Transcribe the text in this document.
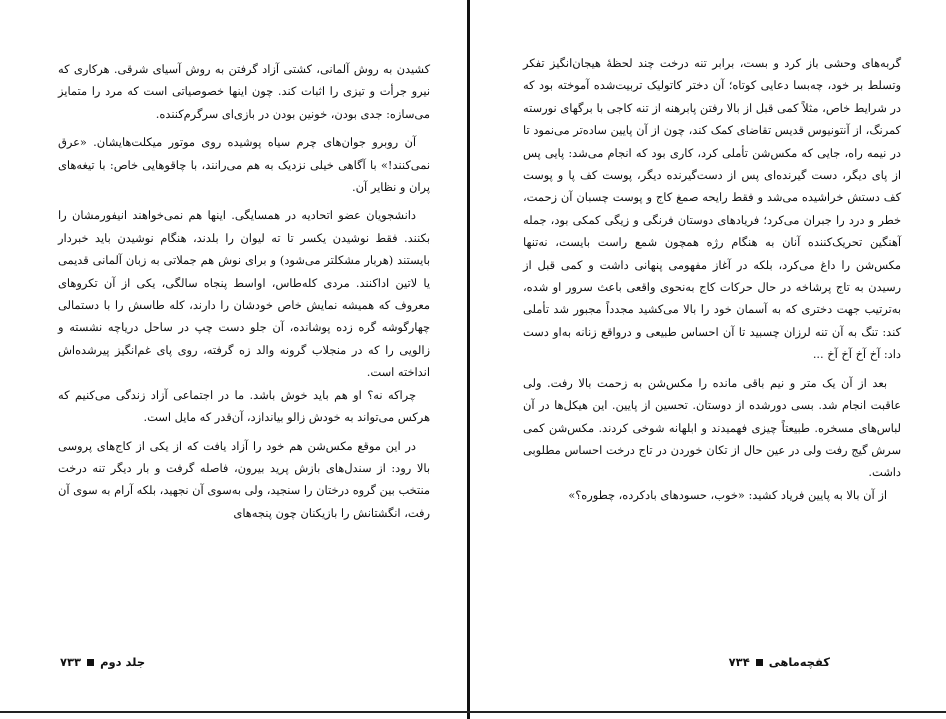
کشیدن به روش آلمانی، کشتی آزاد گرفتن به روش آسیای شرقی. هرکاری که نیرو جرأت و تیزی را اثبات کند. چون اینها خصوصیاتی است که مرد را متمایز می‌سازه: جدی بودن، خونین بودن در بازی‌ای سرگرم‌کننده.

آن روبرو جوان‌های چرم سیاه پوشیده روی موتور میکلت‌هایشان. «عرق نمی‌کنند!» با آگاهی خیلی نزدیک به هم می‌رانند، با چاقوهایی خاص: با تیغه‌های پران و نظایر آن.

دانشجویان عضو اتحادیه در همسایگی. اینها هم نمی‌خواهند انیفورمشان را بکنند. فقط نوشیدن یکسر تا ته لیوان را بلدند، هنگام نوشیدن باید خبردار بایستند (هربار مشکلتر می‌شود) و برای نوش هم جملاتی به زبان آلمانی قدیمی یا لاتین اداکنند. مردی کله‌طاس، اواسط پنجاه سالگی، یکی از آن تکروهای معروف که همیشه نمایش خاص خودشان را دارند، کله طاسش را با دستمالی چهارگوشه گره زده پوشانده، آن جلو دست چپ در ساحل دریاچه نشسته و زالویی را که در منجلاب گرونه والد زه گرفته، روی پای غم‌انگیز پیرشده‌اش انداخته است.

چراکه نه؟ او هم باید خوش باشد. ما در اجتماعی آزاد زندگی می‌کنیم که هرکس می‌تواند به خودش زالو بیاندازد، آن‌قدر که مایل است.

در این موقع مکس‌شن هم خود را آزاد یافت که از یکی از کاج‌های پروسی بالا رود: از سندل‌های بازش پرید بیرون، فاصله گرفت و بار دیگر تنه درخت منتخب بین گروه درختان را سنجید، ولی به‌سوی آن نجهید، بلکه آرام به سوی آن رفت، انگشتانش را بازیکنان چون پنجه‌های

جلد دوم
۷۳۳

گربه‌های وحشی باز کرد و بست، برابر تنه درخت چند لحظهٔ هیجان‌انگیز تفکر وتسلط بر خود، چه‌بسا دعایی کوتاه؛ آن دختر کاتولیک تربیت‌شده آموخته بود که در شرایط خاص، مثلاً کمی قبل از بالا رفتن پابرهنه از تنه کاجی با برگهای نورسته کمرنگ، از آنتونیوس قدیس تقاضای کمک کند، چون از آن پایین ساده‌تر می‌نمود تا در نیمه راه، جایی که مکس‌شن تأملی کرد، کاری بود که انجام می‌شد: پایی پس از پای دیگر، دست گیرنده‌ای پس از دست‌گیرنده دیگر، پوست کف پا و پوست کف دستش خراشیده می‌شد و فقط رایحه صمغ کاج و پوست چسبان آن زحمت، خطر و درد را جبران می‌کرد؛ فریادهای دوستان فرنگی و زیگی کمکی بود، جمله آهنگین تحریک‌کننده آنان به هنگام رژه همچون شمع راست بایست، نه‌تنها مکس‌شن را داغ می‌کرد، بلکه در آغاز مفهومی پنهانی داشت و کمی قبل از رسیدن به تاج پرشاخه در حال حرکات کاج به‌نحوی واقعی باعث سرور او شده، به‌ترتیب جهت دختری که به آسمان خود را بالا می‌کشید مجدداً مجبور شد تأملی کند: تنگ به آن تنه لرزان چسبید تا آن احساس طبیعی و درواقع زنانه به‌او دست داد: آخ آخ آخ آخ ...

بعد از آن یک متر و نیم باقی مانده را مکس‌شن به زحمت بالا رفت. ولی عاقبت انجام شد. بسی دورشده از دوستان. تحسین از پایین. این هیکل‌ها در آن لباس‌های مسخره. طبیعتاً چیزی فهمیدند و ابلهانه شوخی کردند. مکس‌شن کمی سرش گیج رفت ولی در عین حال از تکان خوردن در تاج درخت احساس مطلوبی داشت.

از آن بالا به پایین فریاد کشید: «خوب، حسودهای بادکرده، چطوره؟»

کفچه‌ماهی
۷۳۴
